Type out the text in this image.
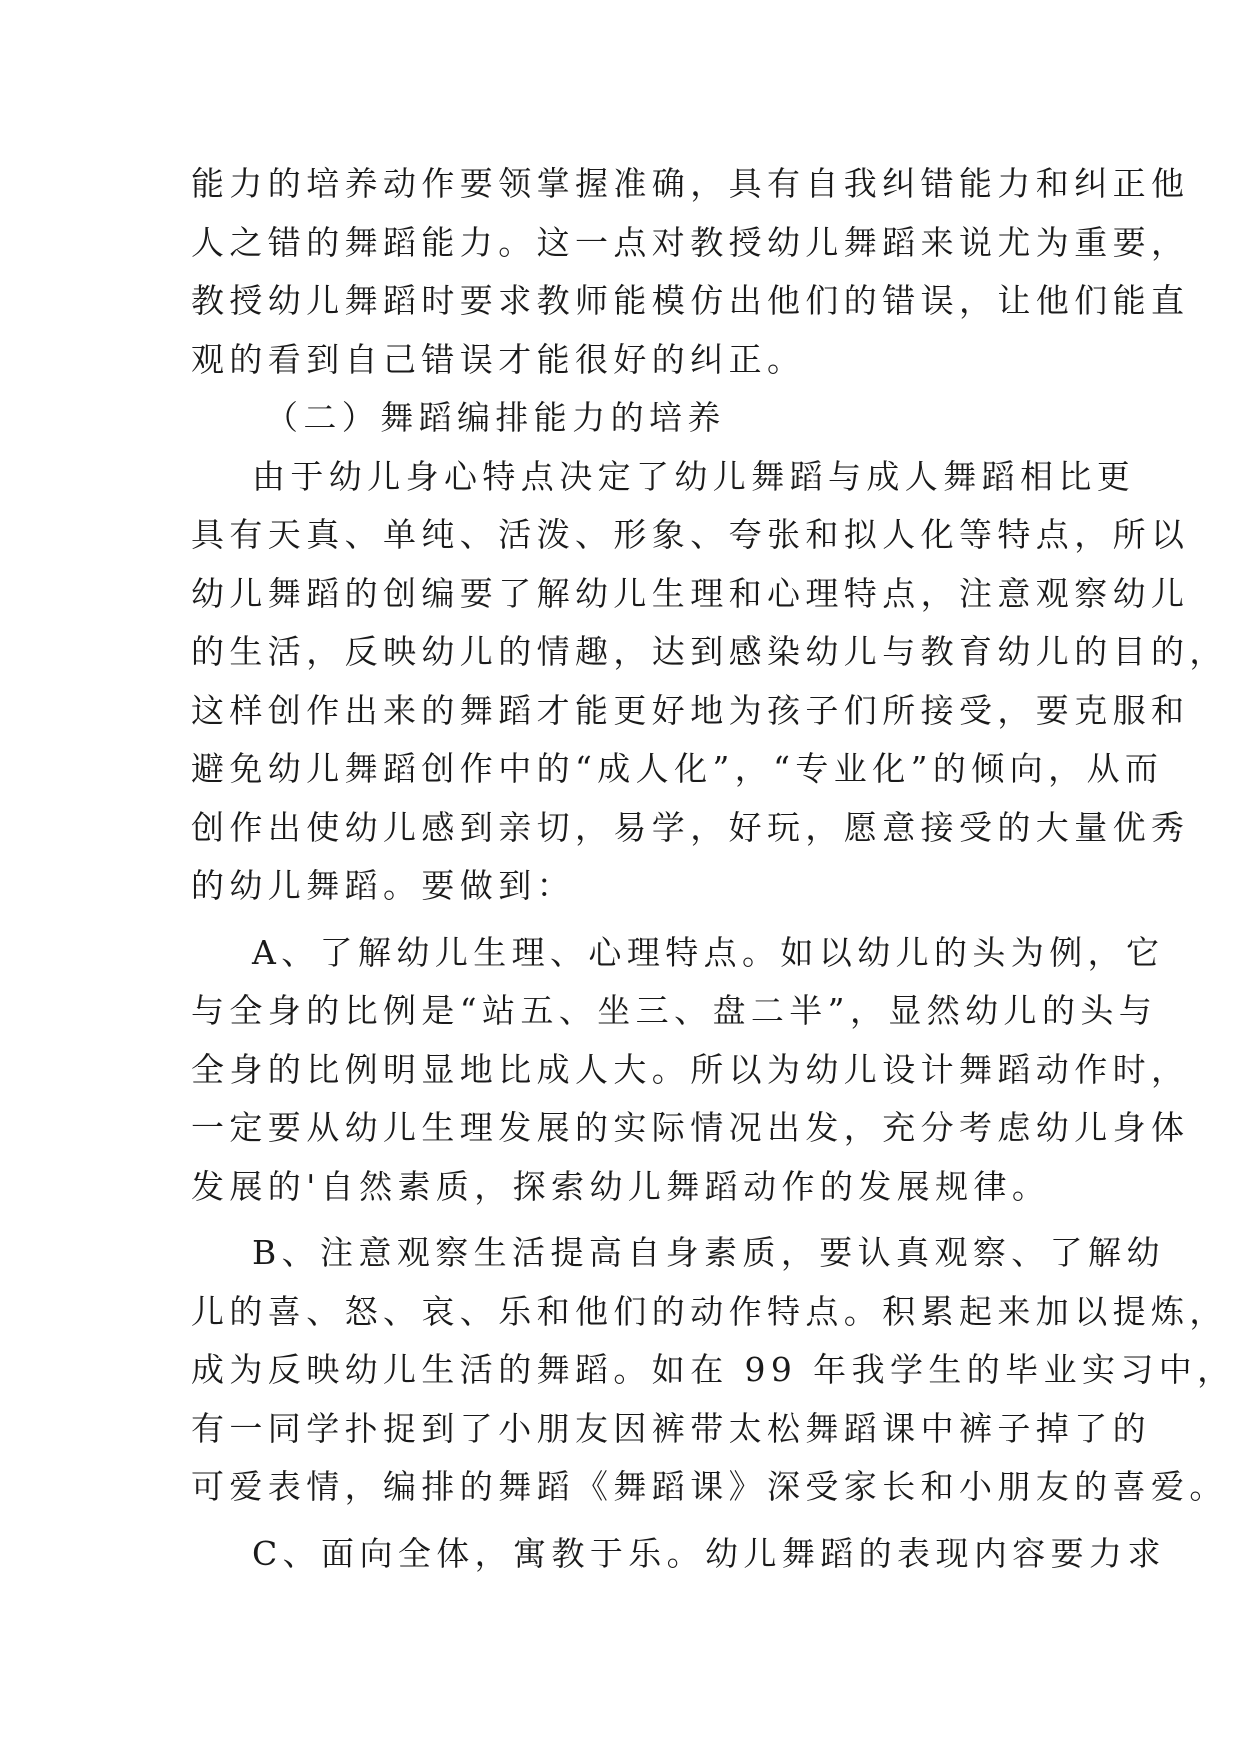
能力的培养动作要领掌握准确，具有自我纠错能力和纠正他
人之错的舞蹈能力。这一点对教授幼儿舞蹈来说尤为重要，
教授幼儿舞蹈时要求教师能模仿出他们的错误，让他们能直
观的看到自己错误才能很好的纠正。
（二）舞蹈编排能力的培养
由于幼儿身心特点决定了幼儿舞蹈与成人舞蹈相比更
具有天真、单纯、活泼、形象、夸张和拟人化等特点，所以
幼儿舞蹈的创编要了解幼儿生理和心理特点，注意观察幼儿
的生活，反映幼儿的情趣，达到感染幼儿与教育幼儿的目的，
这样创作出来的舞蹈才能更好地为孩子们所接受，要克服和
避免幼儿舞蹈创作中的“成人化”，“专业化”的倾向，从而
创作出使幼儿感到亲切，易学，好玩，愿意接受的大量优秀
的幼儿舞蹈。要做到：
A、了解幼儿生理、心理特点。如以幼儿的头为例，它
与全身的比例是“站五、坐三、盘二半”，显然幼儿的头与
全身的比例明显地比成人大。所以为幼儿设计舞蹈动作时，
一定要从幼儿生理发展的实际情况出发，充分考虑幼儿身体
发展的'自然素质，探索幼儿舞蹈动作的发展规律。
B、注意观察生活提高自身素质，要认真观察、了解幼
儿的喜、怒、哀、乐和他们的动作特点。积累起来加以提炼，
成为反映幼儿生活的舞蹈。如在 99 年我学生的毕业实习中，
有一同学扑捉到了小朋友因裤带太松舞蹈课中裤子掉了的
可爱表情，编排的舞蹈《舞蹈课》深受家长和小朋友的喜爱。
C、面向全体，寓教于乐。幼儿舞蹈的表现内容要力求
